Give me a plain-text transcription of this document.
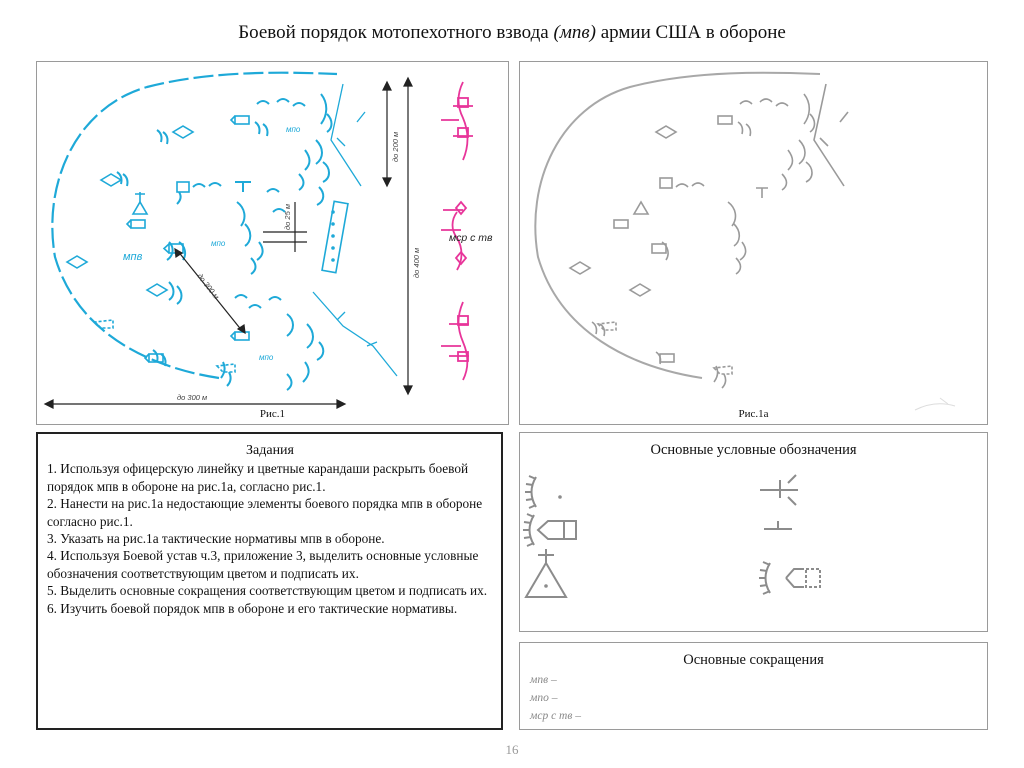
Боевой порядок мотопехотного взвода (мпв) армии США в обороне
мпв
мпо
мпо
мпо
мср с тв
до 200 м
до 25 м
до 400 м
до 300 м
до 300 м
Рис.1	Рис.1а
Задания

1. Используя офицерскую линейку и цветные карандаши раскрыть боевой порядок мпв в обороне на рис.1а, согласно рис.1.

2. Нанести на рис.1а недостающие элементы боевого порядка мпв в обороне согласно рис.1.

3. Указать на рис.1а тактические нормативы мпв в обороне.

4. Используя Боевой устав ч.3, приложение 3, выделить основные условные обозначения соответствующим цветом и подписать их.

5. Выделить основные сокращения соответствующим цветом и подписать их.

6. Изучить боевой порядок мпв в обороне и его тактические нормативы.

Основные условные обозначения
Основные сокращения
мпв –
мпо –
мср с тв –
16
